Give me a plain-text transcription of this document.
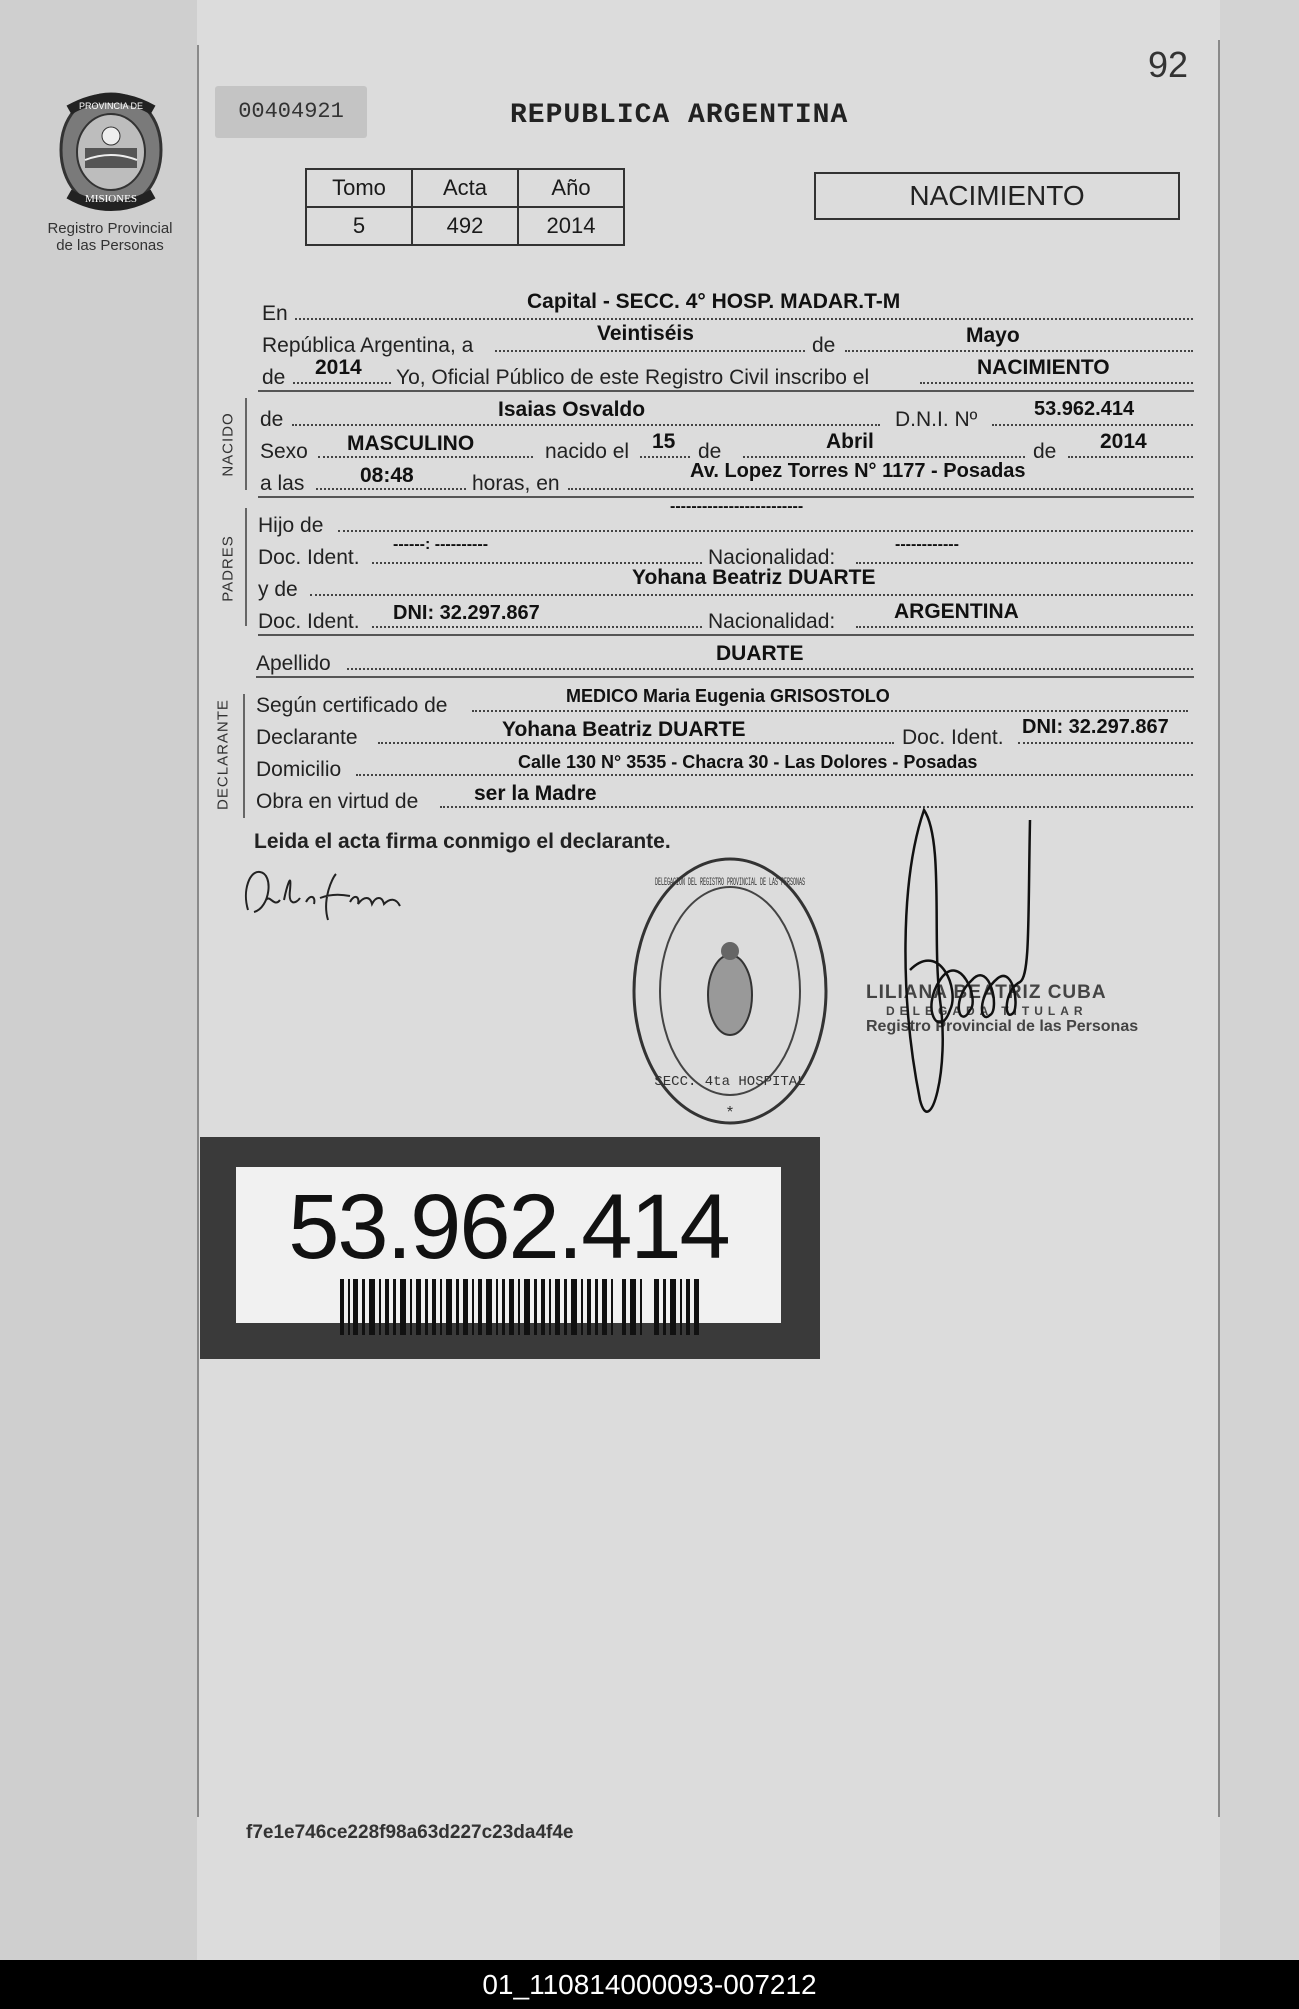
PROVINCIA DE
MISIONES
Registro Provincial
de las Personas
92
00404921	REPUBLICA ARGENTINA
Tomo	Acta	Año
5	492	2014
NACIMIENTO
En
Capital - SECC. 4° HOSP. MADAR.T-M
República Argentina, a
Veintiséis
de	Mayo
de 2014 Yo, Oficial Público de este Registro Civil inscribo el	NACIMIENTO
NACIDO de	Isaias Osvaldo	D.N.I. Nº	53.962.414
Sexo MASCULINO	nacido el 15 de	Abril	de 2014
a las	08:48	horas, en
Av. Lopez Torres N° 1177 - Posadas
PADRES
Hijo de
-------------------------
Doc. Ident.
------: ----------
Nacionalidad:
------------
y de
Yohana Beatriz DUARTE
Doc. Ident. DNI: 32.297.867	Nacionalidad:	ARGENTINA
Apellido	DUARTE
DECLARANTE Según certificado de	MEDICO Maria Eugenia GRISOSTOLO
Declarante	Yohana Beatriz DUARTE	Doc. Ident. DNI: 32.297.867
Domicilio	Calle 130 N° 3535 - Chacra 30 - Las Dolores - Posadas
Obra en virtud de	ser la Madre
Leida el acta firma conmigo el declarante.
DELEGACION DEL REGISTRO PROVINCIAL DE LAS PERSONAS
SECC. 4ta HOSPITAL
*
LILIANA BEATRIZ CUBA
DELEGADA TITULAR
Registro Provincial de las Personas
53.962.414
f7e1e746ce228f98a63d227c23da4f4e
01_110814000093-007212
